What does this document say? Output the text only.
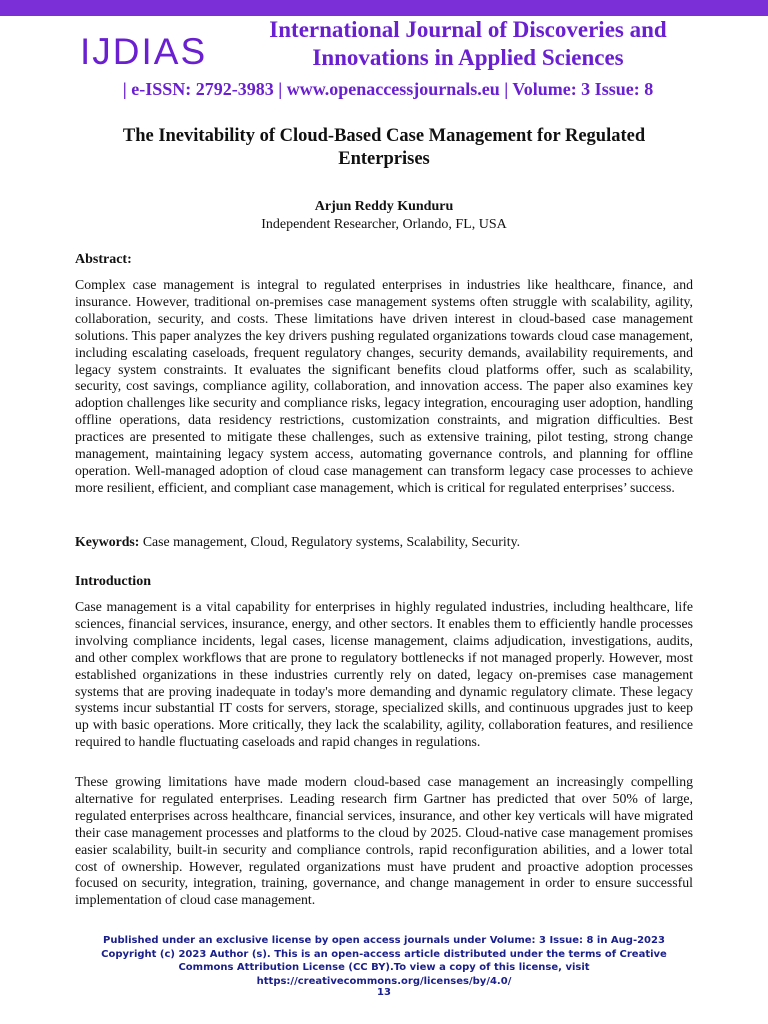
IJDIAS
International Journal of Discoveries and Innovations in Applied Sciences
| e-ISSN: 2792-3983 | www.openaccessjournals.eu | Volume: 3 Issue: 8
The Inevitability of Cloud-Based Case Management for Regulated Enterprises
Arjun Reddy Kunduru
Independent Researcher, Orlando, FL, USA
Abstract:
Complex case management is integral to regulated enterprises in industries like healthcare, finance, and insurance. However, traditional on-premises case management systems often struggle with scalability, agility, collaboration, security, and costs. These limitations have driven interest in cloud-based case management solutions. This paper analyzes the key drivers pushing regulated organizations towards cloud case management, including escalating caseloads, frequent regulatory changes, security demands, availability requirements, and legacy system constraints. It evaluates the significant benefits cloud platforms offer, such as scalability, security, cost savings, compliance agility, collaboration, and innovation access. The paper also examines key adoption challenges like security and compliance risks, legacy integration, encouraging user adoption, handling offline operations, data residency restrictions, customization constraints, and migration difficulties. Best practices are presented to mitigate these challenges, such as extensive training, pilot testing, strong change management, maintaining legacy system access, automating governance controls, and planning for offline operation. Well-managed adoption of cloud case management can transform legacy case processes to achieve more resilient, efficient, and compliant case management, which is critical for regulated enterprises’ success.
Keywords: Case management, Cloud, Regulatory systems, Scalability, Security.
Introduction
Case management is a vital capability for enterprises in highly regulated industries, including healthcare, life sciences, financial services, insurance, energy, and other sectors. It enables them to efficiently handle processes involving compliance incidents, legal cases, license management, claims adjudication, investigations, audits, and other complex workflows that are prone to regulatory bottlenecks if not managed properly. However, most established organizations in these industries currently rely on dated, legacy on-premises case management systems that are proving inadequate in today's more demanding and dynamic regulatory climate. These legacy systems incur substantial IT costs for servers, storage, specialized skills, and continuous upgrades just to keep up with basic operations. More critically, they lack the scalability, agility, collaboration features, and resilience required to handle fluctuating caseloads and rapid changes in regulations.
These growing limitations have made modern cloud-based case management an increasingly compelling alternative for regulated enterprises. Leading research firm Gartner has predicted that over 50% of large, regulated enterprises across healthcare, financial services, insurance, and other key verticals will have migrated their case management processes and platforms to the cloud by 2025. Cloud-native case management promises easier scalability, built-in security and compliance controls, rapid reconfiguration abilities, and a lower total cost of ownership. However, regulated organizations must have prudent and proactive adoption processes focused on security, integration, training, governance, and change management in order to ensure successful implementation of cloud case management.
Published under an exclusive license by open access journals under Volume: 3 Issue: 8 in Aug-2023
Copyright (c) 2023 Author (s). This is an open-access article distributed under the terms of Creative Commons Attribution License (CC BY).To view a copy of this license, visit https://creativecommons.org/licenses/by/4.0/
13
